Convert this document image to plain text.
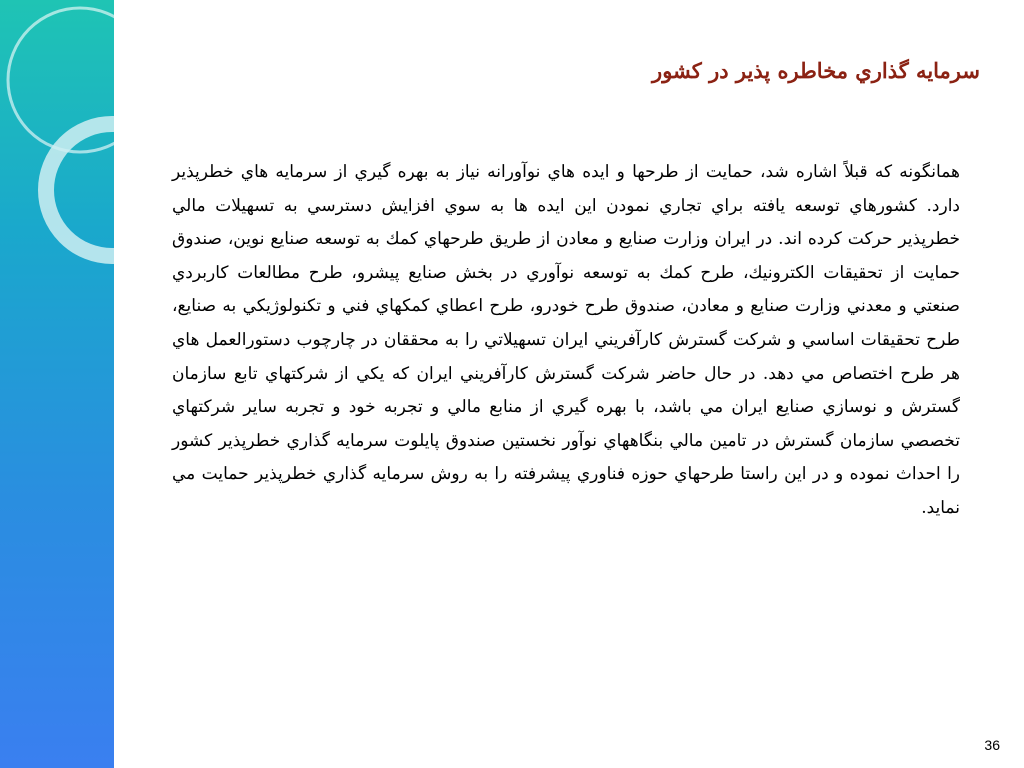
سرمايه گذاري مخاطره پذير در كشور

همانگونه كه قبلاً اشاره شد، حمايت از طرحها و ايده هاي نوآورانه نياز به بهره گيري از سرمايه هاي خطرپذير دارد. كشورهاي توسعه يافته براي تجاري نمودن اين ايده ها به سوي افزايش دسترسي به تسهيلات مالي خطرپذير حركت كرده اند. در ايران وزارت صنايع و معادن از طريق طرحهاي كمك به توسعه صنايع نوين، صندوق حمايت از تحقيقات الكترونيك، طرح كمك به توسعه نوآوري در بخش صنايع پيشرو، طرح مطالعات كاربردي صنعتي و معدني وزارت صنايع و معادن، صندوق طرح خودرو، طرح اعطاي كمكهاي فني و تكنولوژيكي به صنايع، طرح تحقيقات اساسي و شركت گسترش كارآفريني ايران تسهيلاتي را به محققان در چارچوب دستورالعمل هاي هر طرح اختصاص مي دهد. در حال حاضر شركت گسترش كارآفريني ايران كه يكي از شركتهاي تابع سازمان گسترش و نوسازي صنايع ايران مي باشد، با بهره گيري از منابع مالي و تجربه خود و تجربه ساير شركتهاي تخصصي سازمان گسترش در تامين مالي بنگاههاي نوآور نخستين صندوق پايلوت سرمايه گذاري خطرپذير كشور را احداث نموده و در اين راستا طرحهاي حوزه فناوري پيشرفته را به روش سرمايه گذاري خطرپذير حمايت مي نمايد.

36
